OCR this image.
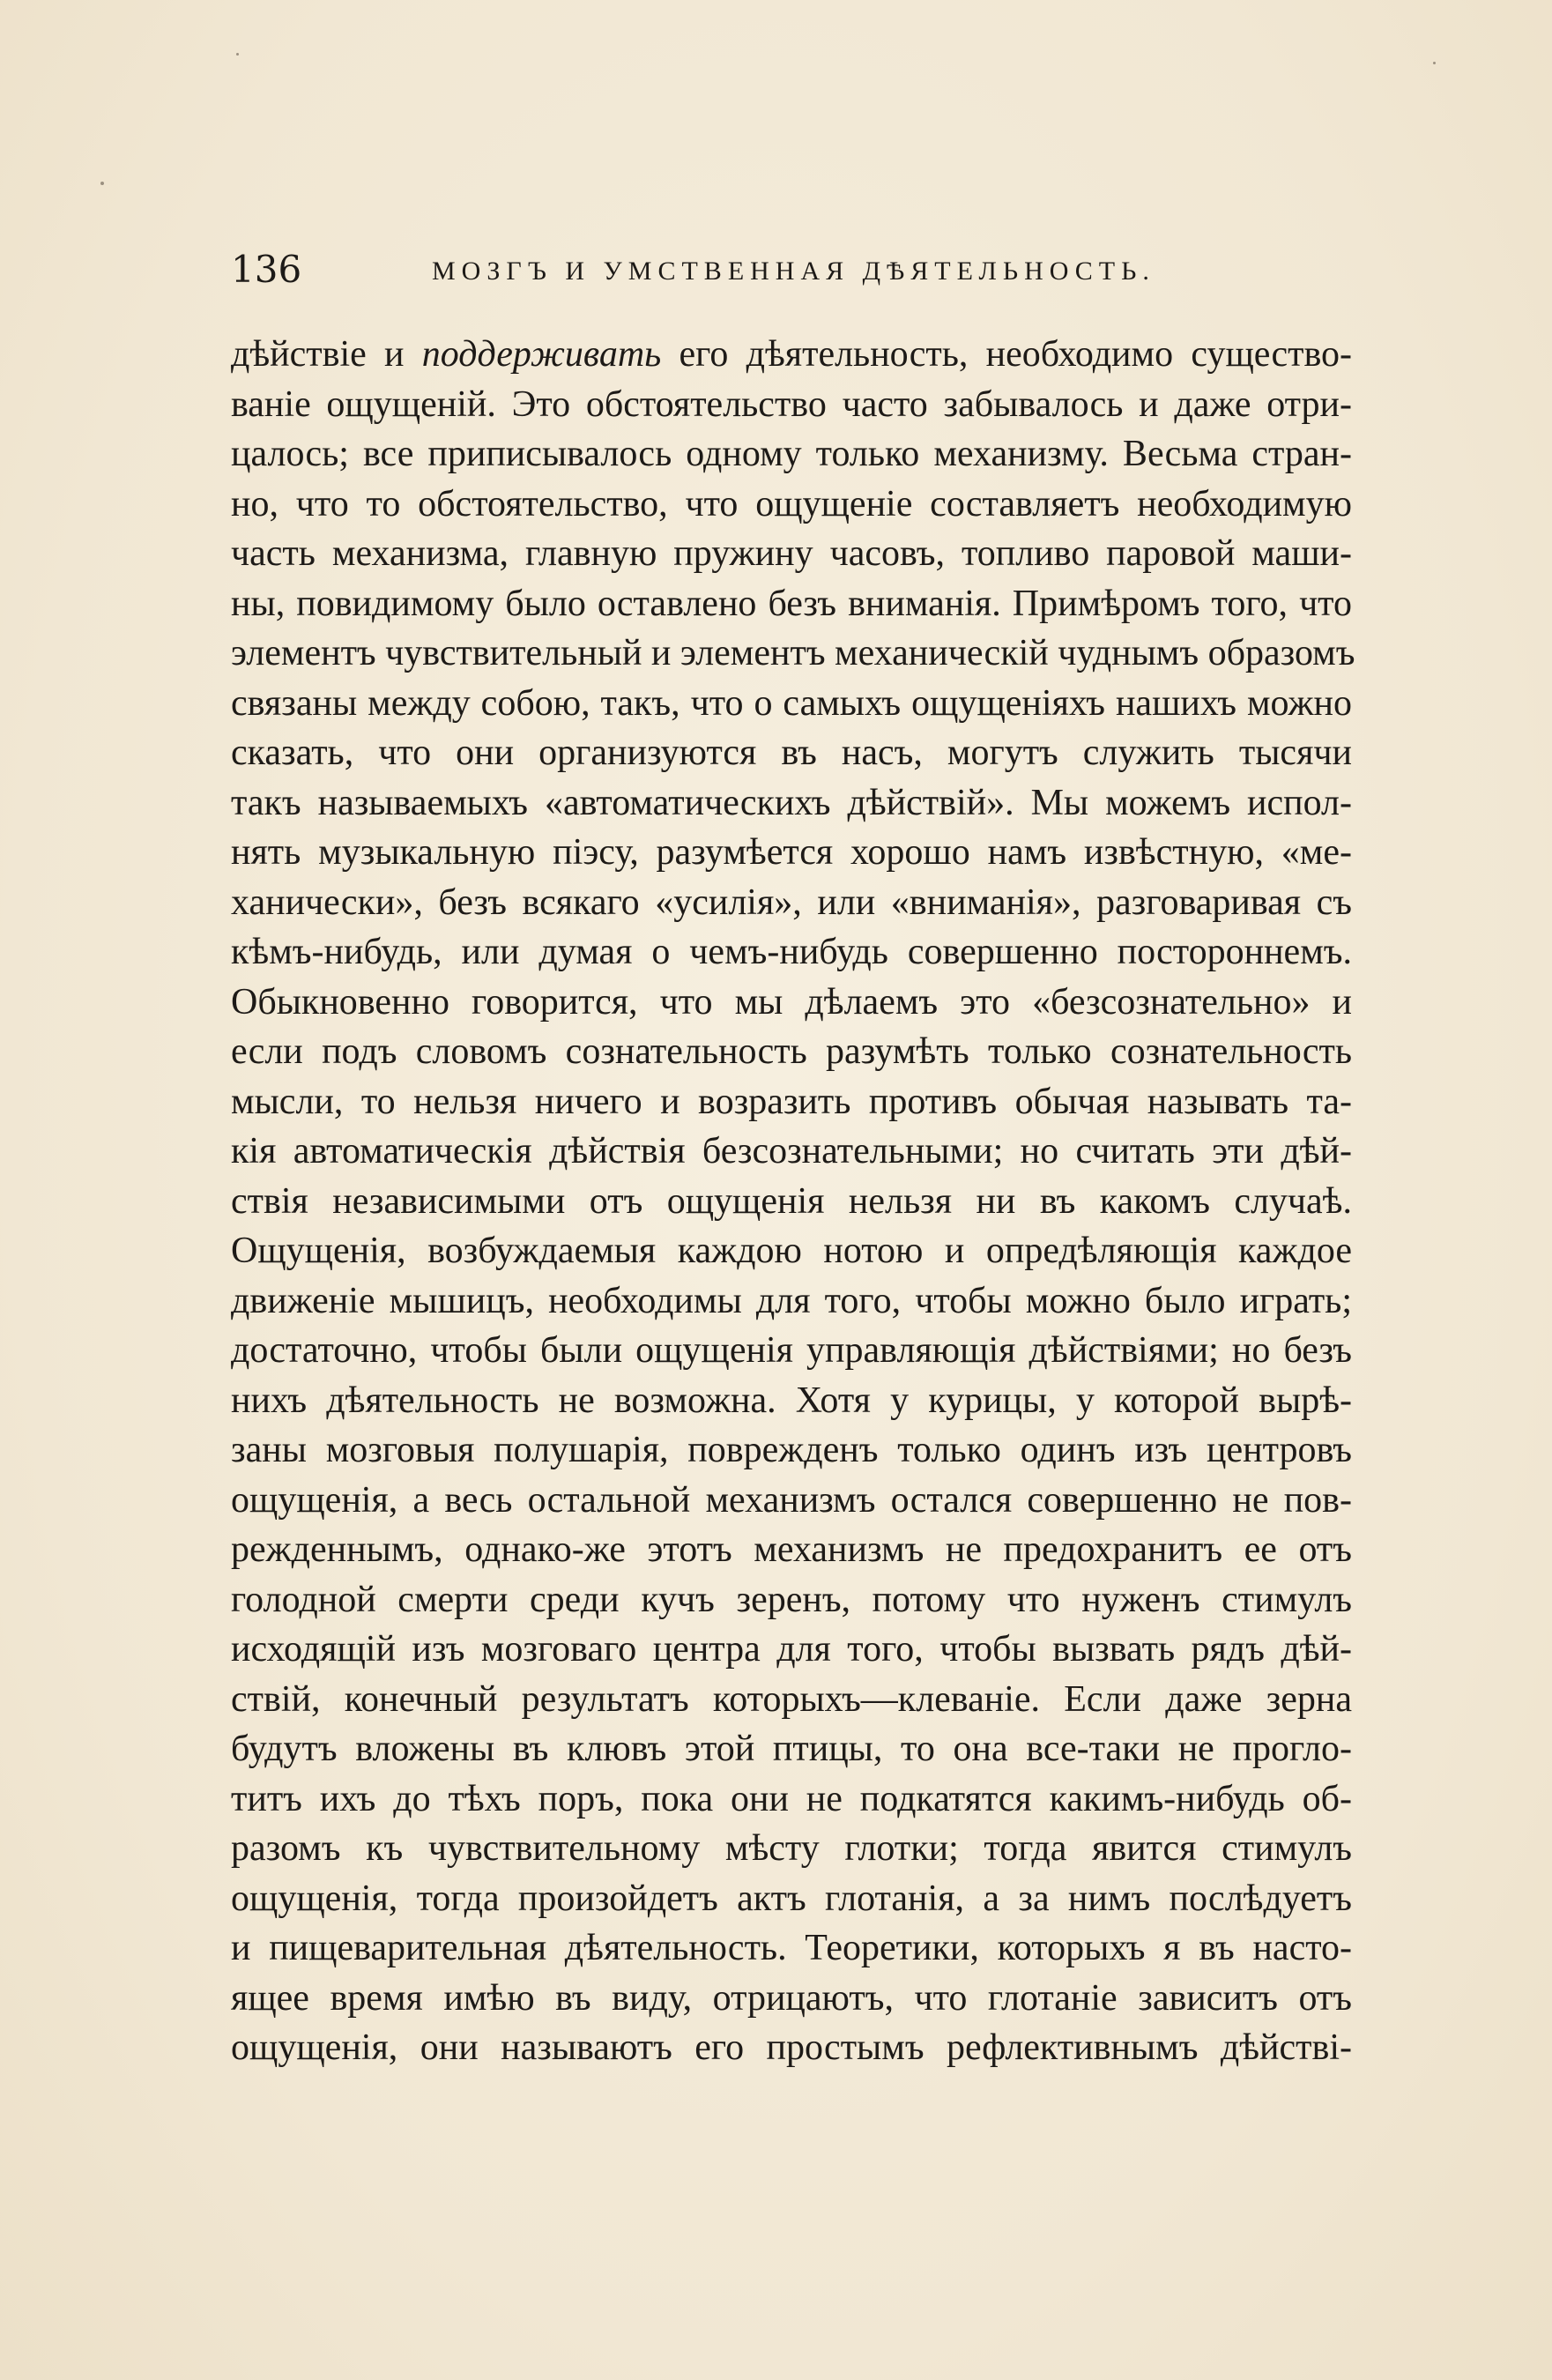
136	МОЗГЪ И УМСТВЕННАЯ ДѢЯТЕЛЬНОСТЬ.
дѣйствіе и поддерживать его дѣятельность, необходимо существо-
ваніе ощущеній. Это обстоятельство часто забывалось и даже отри-
цалось; все приписывалось одному только механизму. Весьма стран-
но, что то обстоятельство, что ощущеніе составляетъ необходимую
часть механизма, главную пружину часовъ, топливо паровой маши-
ны, повидимому было оставлено безъ вниманія. Примѣромъ того, что
элементъ чувствительный и элементъ механическій чуднымъ образомъ
связаны между собою, такъ, что о самыхъ ощущеніяхъ нашихъ можно
сказать, что они организуются въ насъ, могутъ служить тысячи
такъ называемыхъ «автоматическихъ дѣйствій». Мы можемъ испол-
нять музыкальную піэсу, разумѣется хорошо намъ извѣстную, «ме-
ханически», безъ всякаго «усилія», или «вниманія», разговаривая съ
кѣмъ-нибудь, или думая о чемъ-нибудь совершенно постороннемъ.
Обыкновенно говорится, что мы дѣлаемъ это «безсознательно» и
если подъ словомъ сознательность разумѣть только сознательность
мысли, то нельзя ничего и возразить противъ обычая называть та-
кія автоматическія дѣйствія безсознательными; но считать эти дѣй-
ствія независимыми отъ ощущенія нельзя ни въ какомъ случаѣ.
Ощущенія, возбуждаемыя каждою нотою и опредѣляющія каждое
движеніе мышицъ, необходимы для того, чтобы можно было играть;
достаточно, чтобы были ощущенія управляющія дѣйствіями; но безъ
нихъ дѣятельность не возможна. Хотя у курицы, у которой вырѣ-
заны мозговыя полушарія, поврежденъ только одинъ изъ центровъ
ощущенія, а весь остальной механизмъ остался совершенно не пов-
режденнымъ, однако-же этотъ механизмъ не предохранитъ ее отъ
голодной смерти среди кучъ зеренъ, потому что нуженъ стимулъ
исходящій изъ мозговаго центра для того, чтобы вызвать рядъ дѣй-
ствій, конечный результатъ которыхъ—клеваніе. Если даже зерна
будутъ вложены въ клювъ этой птицы, то она все-таки не прогло-
титъ ихъ до тѣхъ поръ, пока они не подкатятся какимъ-нибудь об-
разомъ къ чувствительному мѣсту глотки; тогда явится стимулъ
ощущенія, тогда произойдетъ актъ глотанія, а за нимъ послѣдуетъ
и пищеварительная дѣятельность. Теоретики, которыхъ я въ насто-
ящее время имѣю въ виду, отрицаютъ, что глотаніе зависитъ отъ
ощущенія, они называютъ его простымъ рефлективнымъ дѣйстві-
